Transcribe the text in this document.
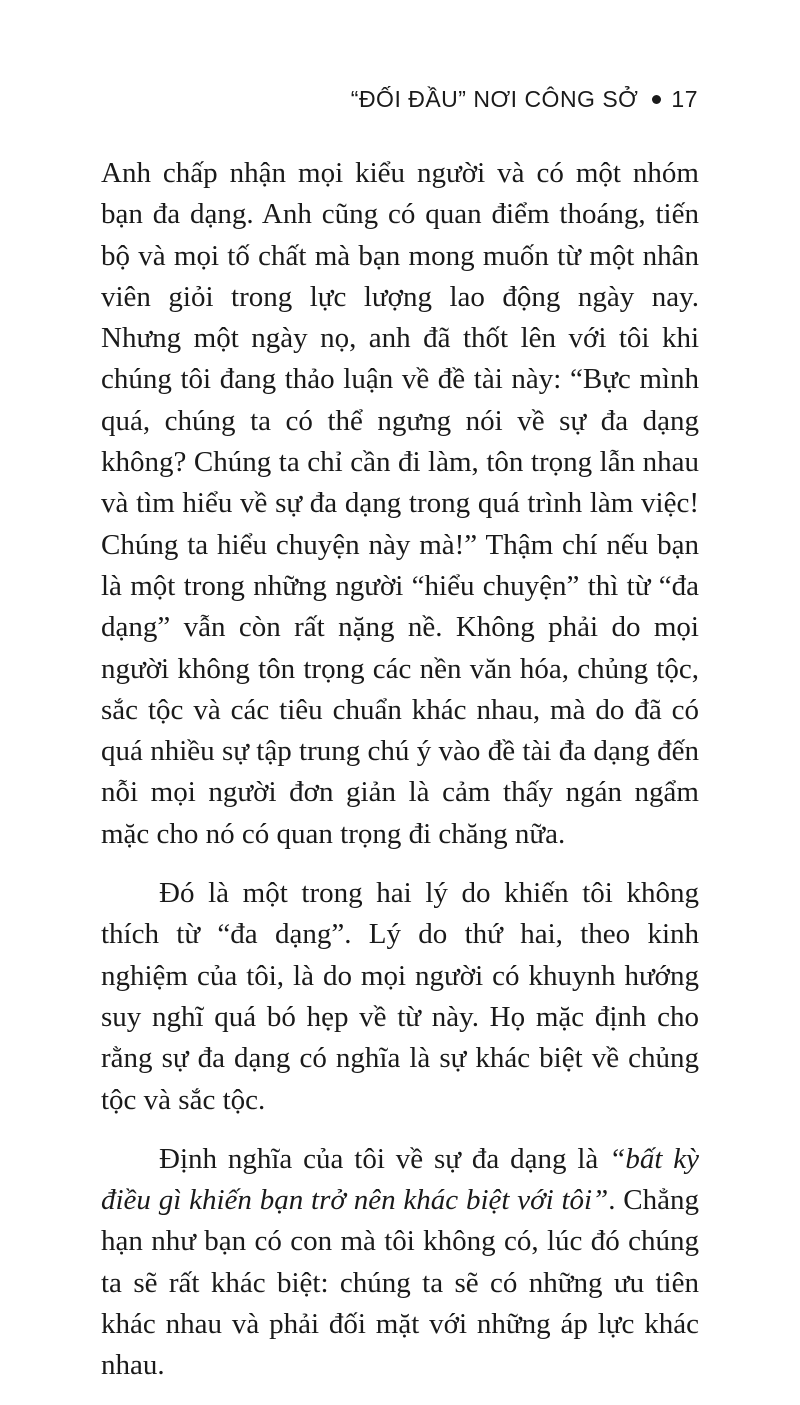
“ĐỐI ĐẦU” NƠI CÔNG SỞ 17

Anh chấp nhận mọi kiểu người và có một nhóm bạn đa dạng. Anh cũng có quan điểm thoáng, tiến bộ và mọi tố chất mà bạn mong muốn từ một nhân viên giỏi trong lực lượng lao động ngày nay. Nhưng một ngày nọ, anh đã thốt lên với tôi khi chúng tôi đang thảo luận về đề tài này: “Bực mình quá, chúng ta có thể ngưng nói về sự đa dạng không? Chúng ta chỉ cần đi làm, tôn trọng lẫn nhau và tìm hiểu về sự đa dạng trong quá trình làm việc! Chúng ta hiểu chuyện này mà!” Thậm chí nếu bạn là một trong những người “hiểu chuyện” thì từ “đa dạng” vẫn còn rất nặng nề. Không phải do mọi người không tôn trọng các nền văn hóa, chủng tộc, sắc tộc và các tiêu chuẩn khác nhau, mà do đã có quá nhiều sự tập trung chú ý vào đề tài đa dạng đến nỗi mọi người đơn giản là cảm thấy ngán ngẩm mặc cho nó có quan trọng đi chăng nữa.

Đó là một trong hai lý do khiến tôi không thích từ “đa dạng”. Lý do thứ hai, theo kinh nghiệm của tôi, là do mọi người có khuynh hướng suy nghĩ quá bó hẹp về từ này. Họ mặc định cho rằng sự đa dạng có nghĩa là sự khác biệt về chủng tộc và sắc tộc.

Định nghĩa của tôi về sự đa dạng là “bất kỳ điều gì khiến bạn trở nên khác biệt với tôi”. Chẳng hạn như bạn có con mà tôi không có, lúc đó chúng ta sẽ rất khác biệt: chúng ta sẽ có những ưu tiên khác nhau và phải đối mặt với những áp lực khác nhau.
